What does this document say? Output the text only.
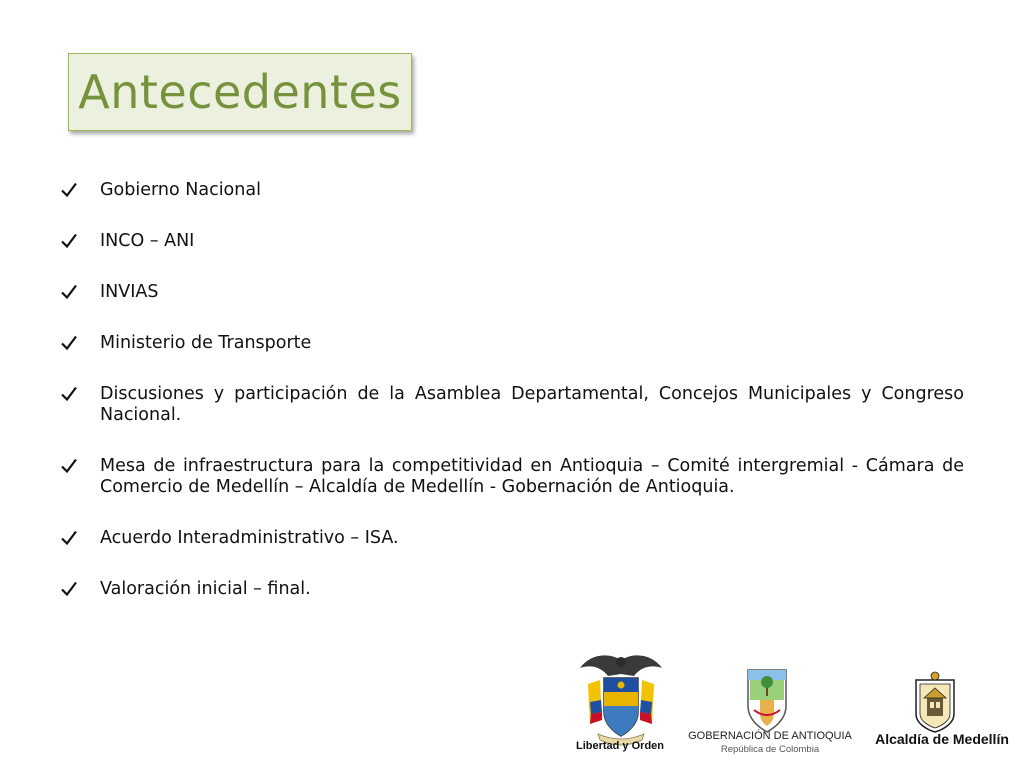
Antecedentes
Gobierno Nacional
INCO – ANI
INVIAS
Ministerio de Transporte
Discusiones y participación de la Asamblea Departamental, Concejos Municipales y Congreso Nacional.
Mesa de infraestructura para la competitividad en Antioquia – Comité intergremial - Cámara de Comercio de Medellín – Alcaldía de Medellín - Gobernación de Antioquia.
Acuerdo Interadministrativo – ISA.
Valoración inicial – final.
Libertad y Orden
GOBERNACIÓN DE ANTIOQUIA
República de Colombia
Alcaldía de Medellín
